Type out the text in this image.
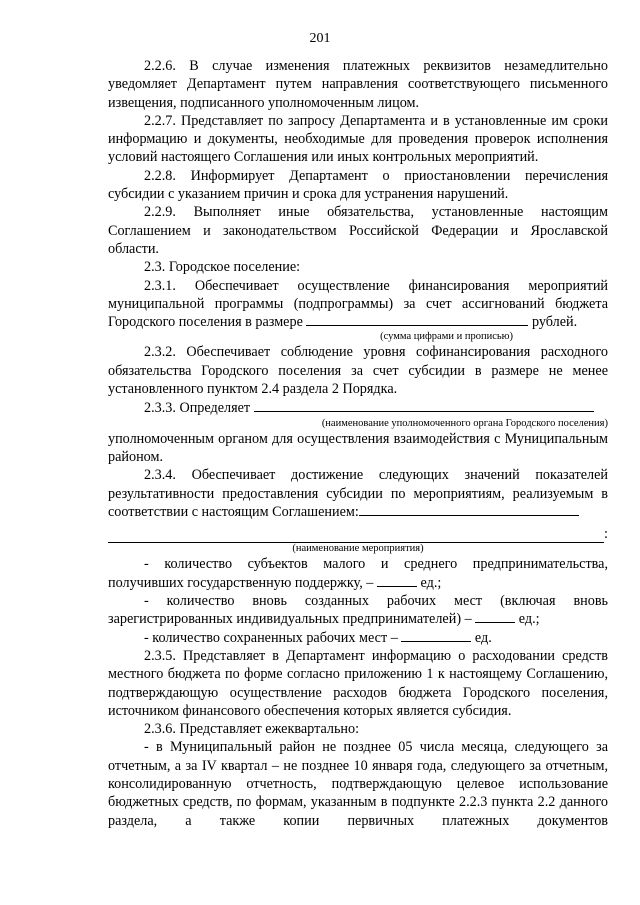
201

2.2.6. В случае изменения платежных реквизитов незамедлительно уведомляет Департамент путем направления соответствующего письменного извещения, подписанного уполномоченным лицом.

2.2.7. Представляет по запросу Департамента и в установленные им сроки информацию и документы, необходимые для проведения проверок исполнения условий настоящего Соглашения или иных контрольных мероприятий.

2.2.8. Информирует Департамент о приостановлении перечисления субсидии с указанием причин и срока для устранения нарушений.

2.2.9. Выполняет иные обязательства, установленные настоящим Соглашением и законодательством Российской Федерации и Ярославской области.

2.3. Городское поселение:

2.3.1. Обеспечивает осуществление финансирования мероприятий муниципальной программы (подпрограммы) за счет ассигнований бюджета Городского поселения в размере	рублей.

(сумма цифрами и прописью)

2.3.2. Обеспечивает соблюдение уровня софинансирования расходного обязательства Городского поселения за счет субсидии в размере не менее установленного пунктом 2.4 раздела 2 Порядка.

2.3.3. Определяет

(наименование уполномоченного органа Городского поселения)

уполномоченным органом для осуществления взаимодействия с Муниципальным районом.

2.3.4. Обеспечивает достижение следующих значений показателей результативности предоставления субсидии по мероприятиям, реализуемым в соответствии с настоящим Соглашением:

:
(наименование мероприятия)

- количество субъектов малого и среднего предпринимательства, получивших государственную поддержку, –	ед.;

- количество вновь созданных рабочих мест (включая вновь зарегистрированных индивидуальных предпринимателей) –	ед.;

- количество сохраненных рабочих мест –	ед.

2.3.5. Представляет в Департамент информацию о расходовании средств местного бюджета по форме согласно приложению 1 к настоящему Соглашению, подтверждающую осуществление расходов бюджета Городского поселения, источником финансового обеспечения которых является субсидия.

2.3.6. Представляет ежеквартально:

- в Муниципальный район не позднее 05 числа месяца, следующего за отчетным, а за IV квартал – не позднее 10 января года, следующего за отчетным, консолидированную отчетность, подтверждающую целевое использование бюджетных средств, по формам, указанным в подпункте 2.2.3 пункта 2.2 данного раздела, а также копии первичных платежных документов
